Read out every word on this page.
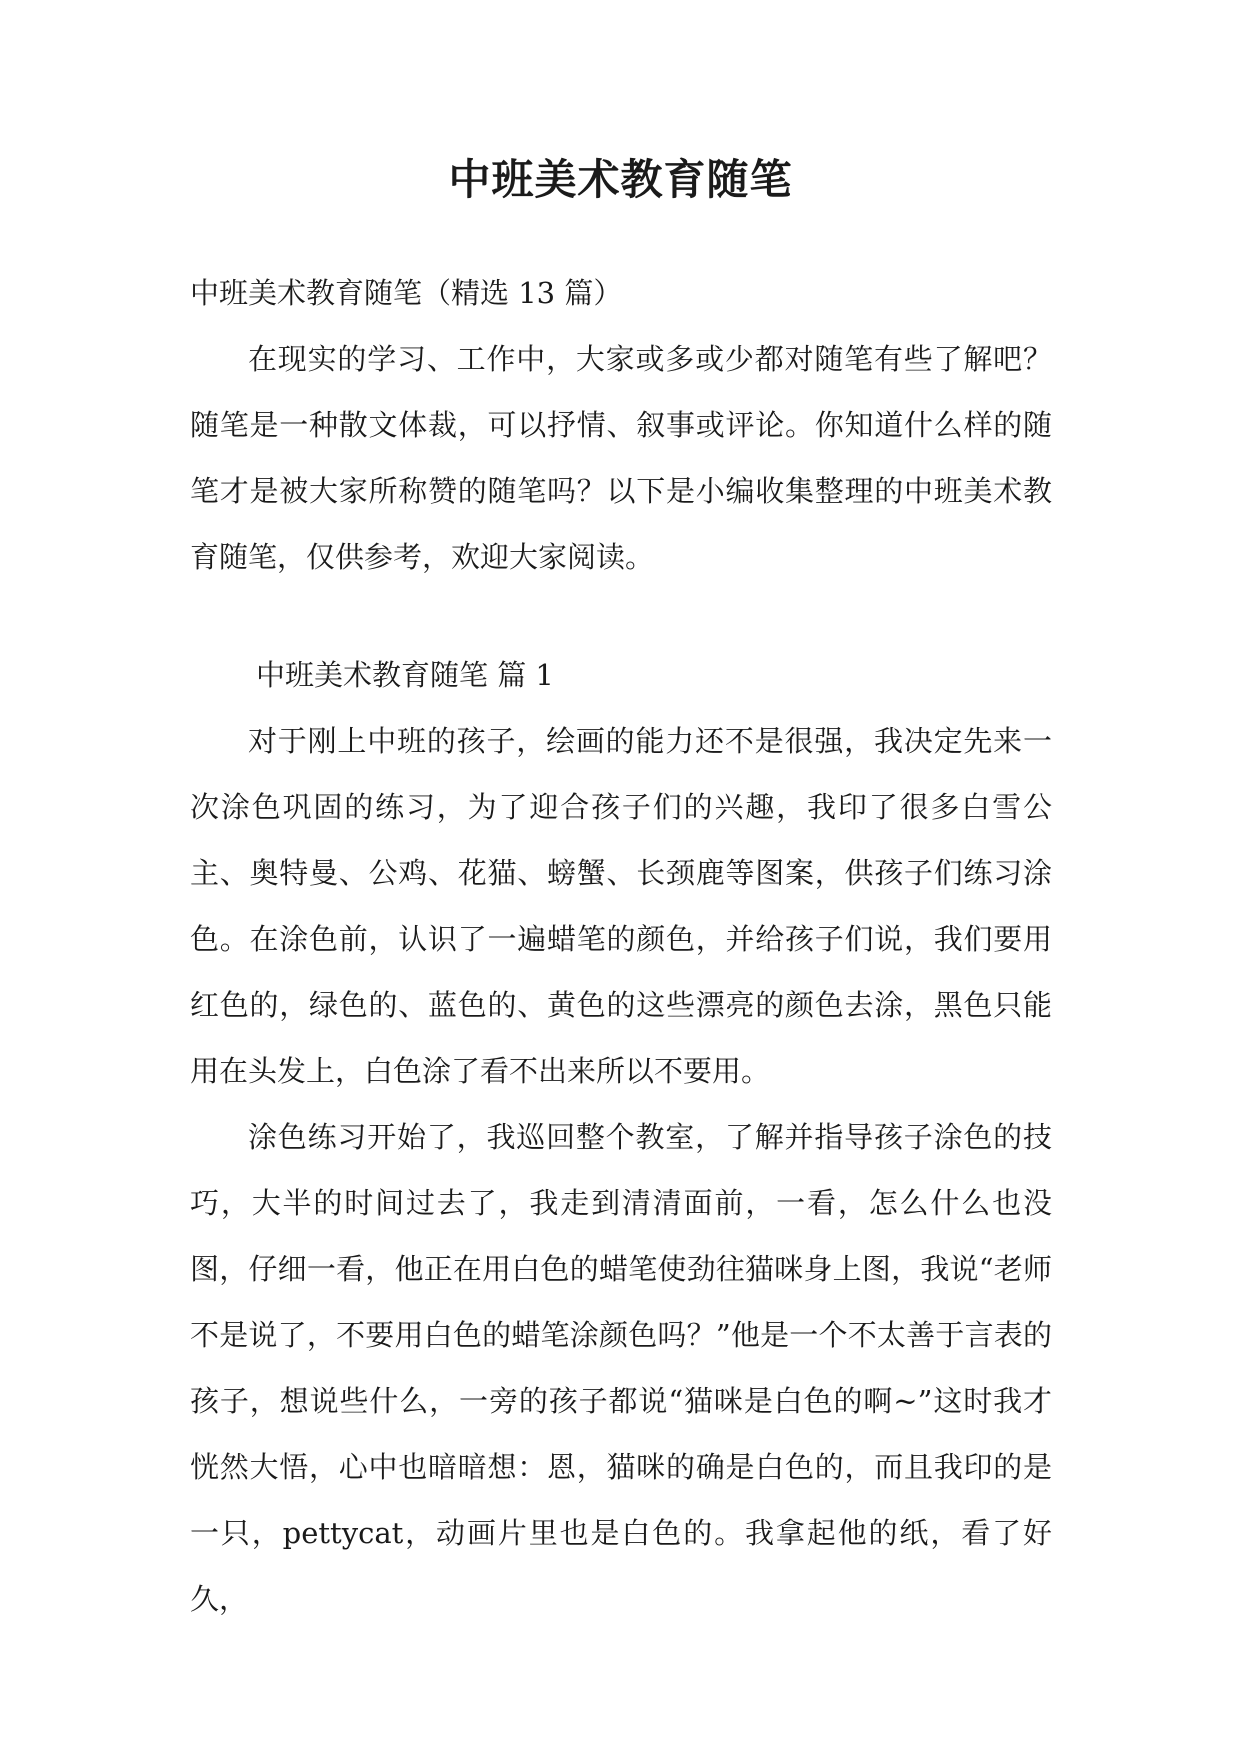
中班美术教育随笔

中班美术教育随笔（精选 13 篇）

在现实的学习、工作中，大家或多或少都对随笔有些了解吧？随笔是一种散文体裁，可以抒情、叙事或评论。你知道什么样的随笔才是被大家所称赞的随笔吗？以下是小编收集整理的中班美术教育随笔，仅供参考，欢迎大家阅读。

中班美术教育随笔 篇 1

对于刚上中班的孩子，绘画的能力还不是很强，我决定先来一次涂色巩固的练习，为了迎合孩子们的兴趣，我印了很多白雪公主、奥特曼、公鸡、花猫、螃蟹、长颈鹿等图案，供孩子们练习涂色。在涂色前，认识了一遍蜡笔的颜色，并给孩子们说，我们要用红色的，绿色的、蓝色的、黄色的这些漂亮的颜色去涂，黑色只能用在头发上，白色涂了看不出来所以不要用。

涂色练习开始了，我巡回整个教室，了解并指导孩子涂色的技巧，大半的时间过去了，我走到清清面前，一看，怎么什么也没图，仔细一看，他正在用白色的蜡笔使劲往猫咪身上图，我说“老师不是说了，不要用白色的蜡笔涂颜色吗？”他是一个不太善于言表的孩子，想说些什么，一旁的孩子都说“猫咪是白色的啊~”这时我才恍然大悟，心中也暗暗想：恩，猫咪的确是白色的，而且我印的是一只，pettycat，动画片里也是白色的。我拿起他的纸，看了好久，
